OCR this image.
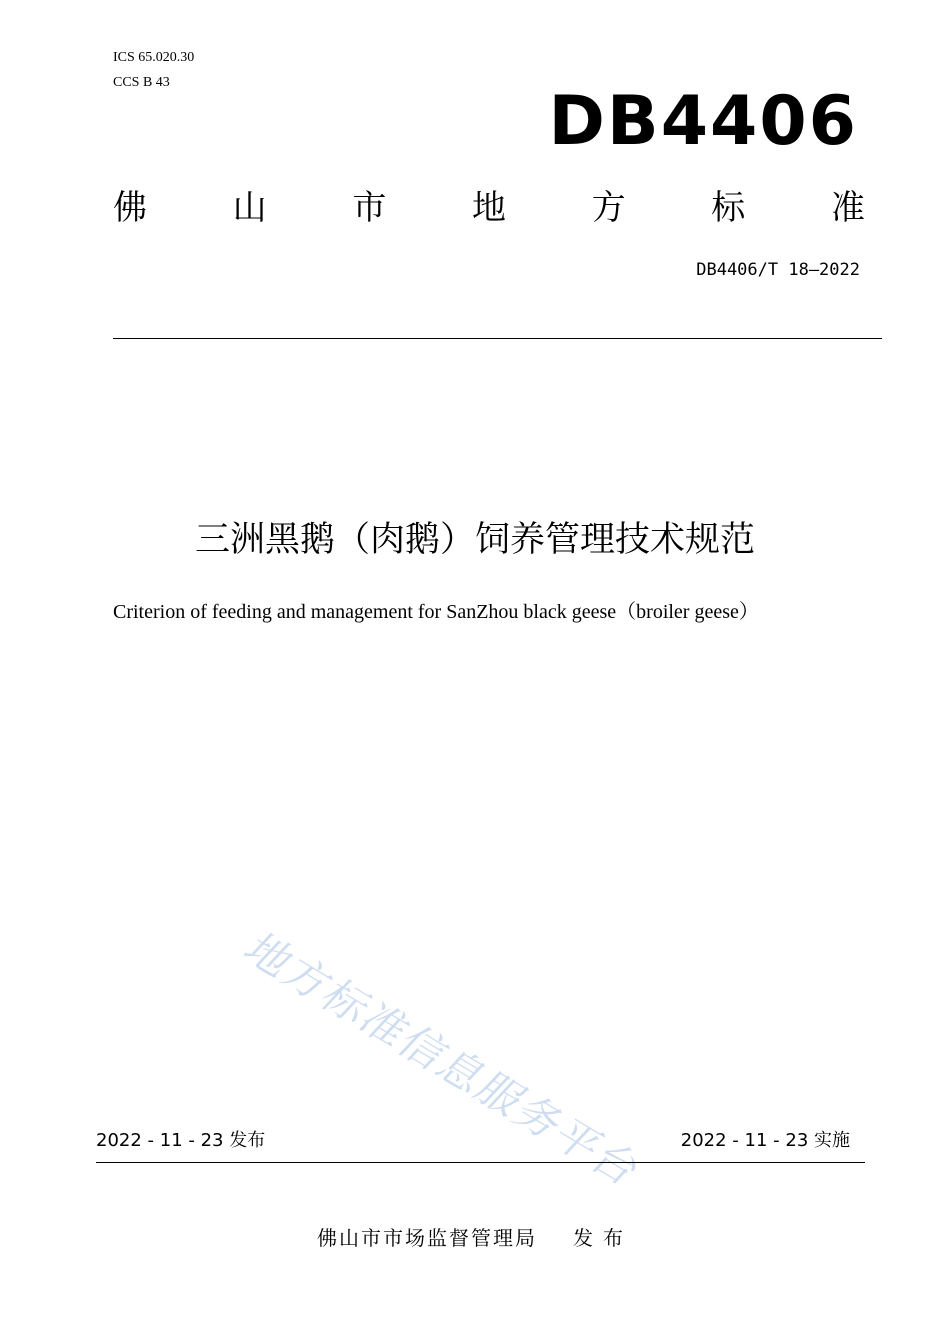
ICS 65.020.30
CCS B 43	DB4406
佛	山	市	地	方	标	准
DB4406/T 18—2022
三洲黑鹅（肉鹅）饲养管理技术规范
Criterion of feeding and management for SanZhou black geese（broiler geese）
地方标准信息服务平台
2022 - 11 - 23 发布	2022 - 11 - 23 实施
佛山市市场监督管理局 发布
